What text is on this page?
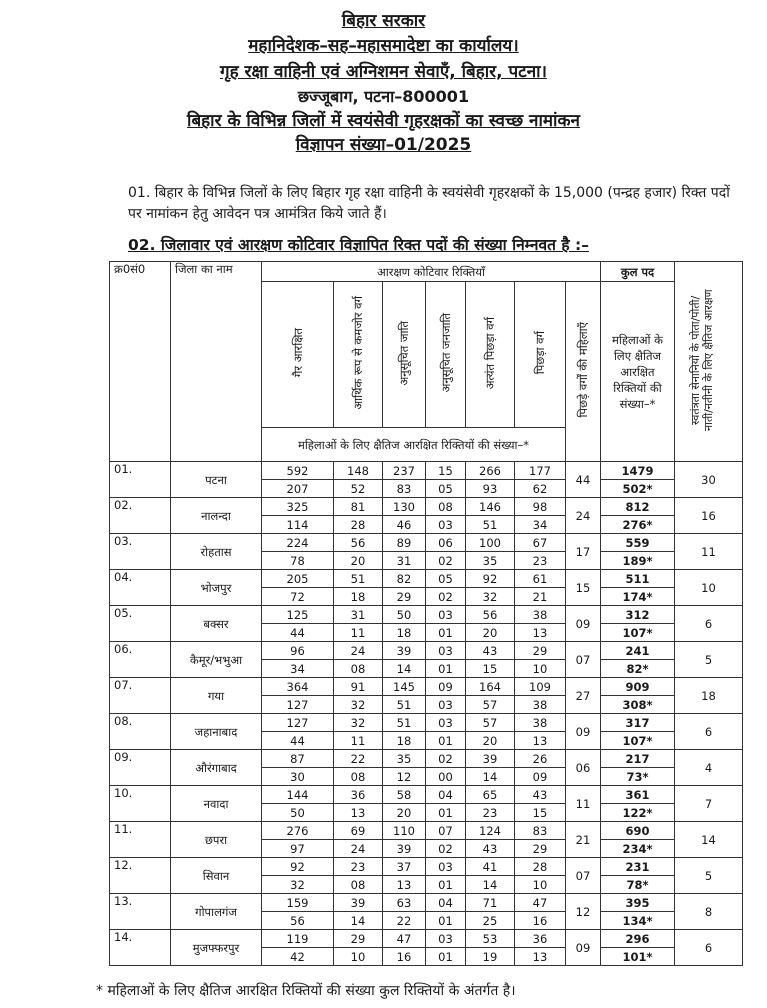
बिहार सरकार
महानिदेशक–सह–महासमादेष्टा का कार्यालय।
गृह रक्षा वाहिनी एवं अग्निशमन सेवाएँ, बिहार, पटना।
छज्जूबाग, पटना–800001
बिहार के विभिन्न जिलों में स्वयंसेवी गृहरक्षकों का स्वच्छ नामांकन
विज्ञापन संख्या–01/2025
01. बिहार के विभिन्न जिलों के लिए बिहार गृह रक्षा वाहिनी के स्वयंसेवी गृहरक्षकों के 15,000 (पन्द्रह हजार) रिक्त पदों पर नामांकन हेतु आवेदन पत्र आमंत्रित किये जाते हैं।
02. जिलावार एवं आरक्षण कोटिवार विज्ञापित रिक्त पदों की संख्या निम्नवत है :–
क्र0सं0	जिला का नाम	आरक्षण कोटिवार रिक्तियाँ							कुल पद	स्वतंत्रता सेनानियों के पोता/पोती/नाती/नतीनी के लिए क्षैतिज आरक्षण
		गैर आरक्षित	आर्थिक रूप से कमजोर वर्ग	अनुसूचित जाति	अनुसूचित जनजाति	अत्यंत पिछड़ा वर्ग	पिछड़ा वर्ग	पिछड़े वर्गों की महिलाएँ	महिलाओं के लिए क्षैतिज आरक्षित रिक्तियों की संख्या–*	
		महिलाओं के लिए क्षैतिज आरक्षित रिक्तियों की संख्या–*								
01.	पटना	592	148	237	15	266	177	44	1479	30
		207	52	83	05	93	62		502*	
02.	नालन्दा	325	81	130	08	146	98	24	812	16
		114	28	46	03	51	34		276*	
03.	रोहतास	224	56	89	06	100	67	17	559	11
		78	20	31	02	35	23		189*	
04.	भोजपुर	205	51	82	05	92	61	15	511	10
		72	18	29	02	32	21		174*	
05.	बक्सर	125	31	50	03	56	38	09	312	6
		44	11	18	01	20	13		107*	
06.	कैमूर/भभुआ	96	24	39	03	43	29	07	241	5
		34	08	14	01	15	10		82*	
07.	गया	364	91	145	09	164	109	27	909	18
		127	32	51	03	57	38		308*	
08.	जहानाबाद	127	32	51	03	57	38	09	317	6
		44	11	18	01	20	13		107*	
09.	औरंगाबाद	87	22	35	02	39	26	06	217	4
		30	08	12	00	14	09		73*	
10.	नवादा	144	36	58	04	65	43	11	361	7
		50	13	20	01	23	15		122*	
11.	छपरा	276	69	110	07	124	83	21	690	14
		97	24	39	02	43	29		234*	
12.	सिवान	92	23	37	03	41	28	07	231	5
		32	08	13	01	14	10		78*	
13.	गोपालगंज	159	39	63	04	71	47	12	395	8
		56	14	22	01	25	16		134*	
14.	मुजफ्फरपुर	119	29	47	03	53	36	09	296	6
		42	10	16	01	19	13		101*	
* महिलाओं के लिए क्षैतिज आरक्षित रिक्तियों की संख्या कुल रिक्तियों के अंतर्गत है।
